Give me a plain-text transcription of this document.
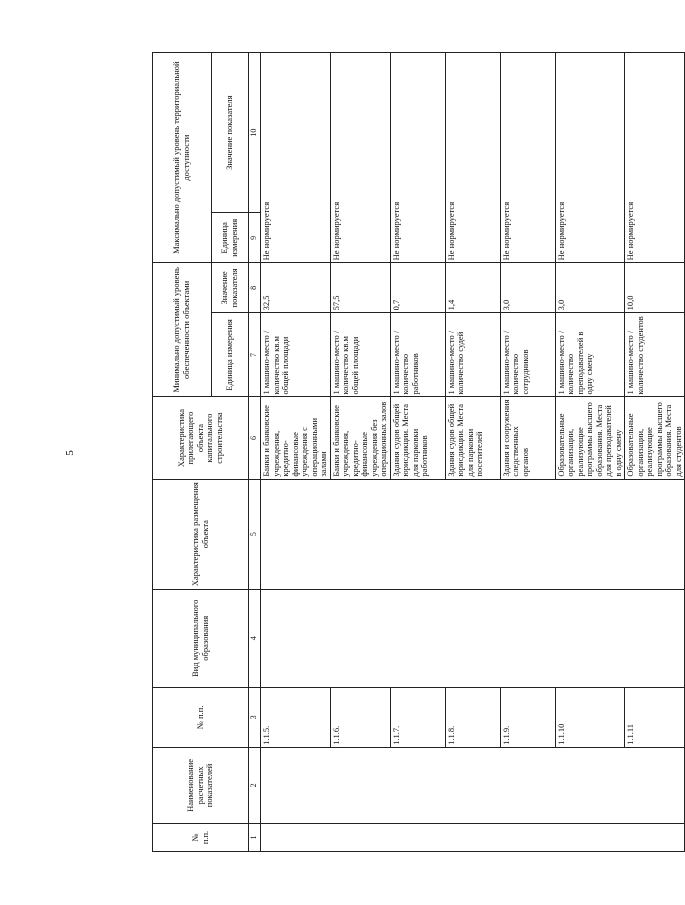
5
№ п.п.	Наименование расчетных показателей	№ п.п.	Вид муниципального образования	Характеристика размещения объекта	Характеристика прилегающего объекта капитального строительства	Минимально допустимый уровень обеспеченности объектами		Максимально допустимый уровень территориальной доступности	
						Единица измерения	Значение показателя	Единица измерения	Значение показателя
1	2	3	4	5	6	7	8	9	10
		1.1.5.			Банки и банковские учреждения, кредитно-финансовые учреждения с операционными залами	1 машино-место / количество кв.м общей площади	32,5	Не нормируется	
		1.1.6.			Банки и банковские учреждения, кредитно-финансовые учреждения без операционных залов	1 машино-место / количество кв.м общей площади	57,5	Не нормируется	
		1.1.7.			Здания судов общей юрисдикции. Места для парковки работников	1 машино-место / количество работников	0,7	Не нормируется	
		1.1.8.			Здания судов общей юрисдикции. Места для парковки посетителей	1 машино-место / количество судей	1,4	Не нормируется	
		1.1.9.			Здания и сооружения следственных органов	1 машино-место / количество сотрудников	3,0	Не нормируется	
		1.1.10			Образовательные организации, реализующие программы высшего образования. Места для преподавателей в одну смену	1 машино-место / количество преподавателей в одну смену	3,0	Не нормируется	
		1.1.11			Образовательные организации, реализующие программы высшего образования. Места для студентов	1 машино-место / количество студентов	10,0	Не нормируется	
